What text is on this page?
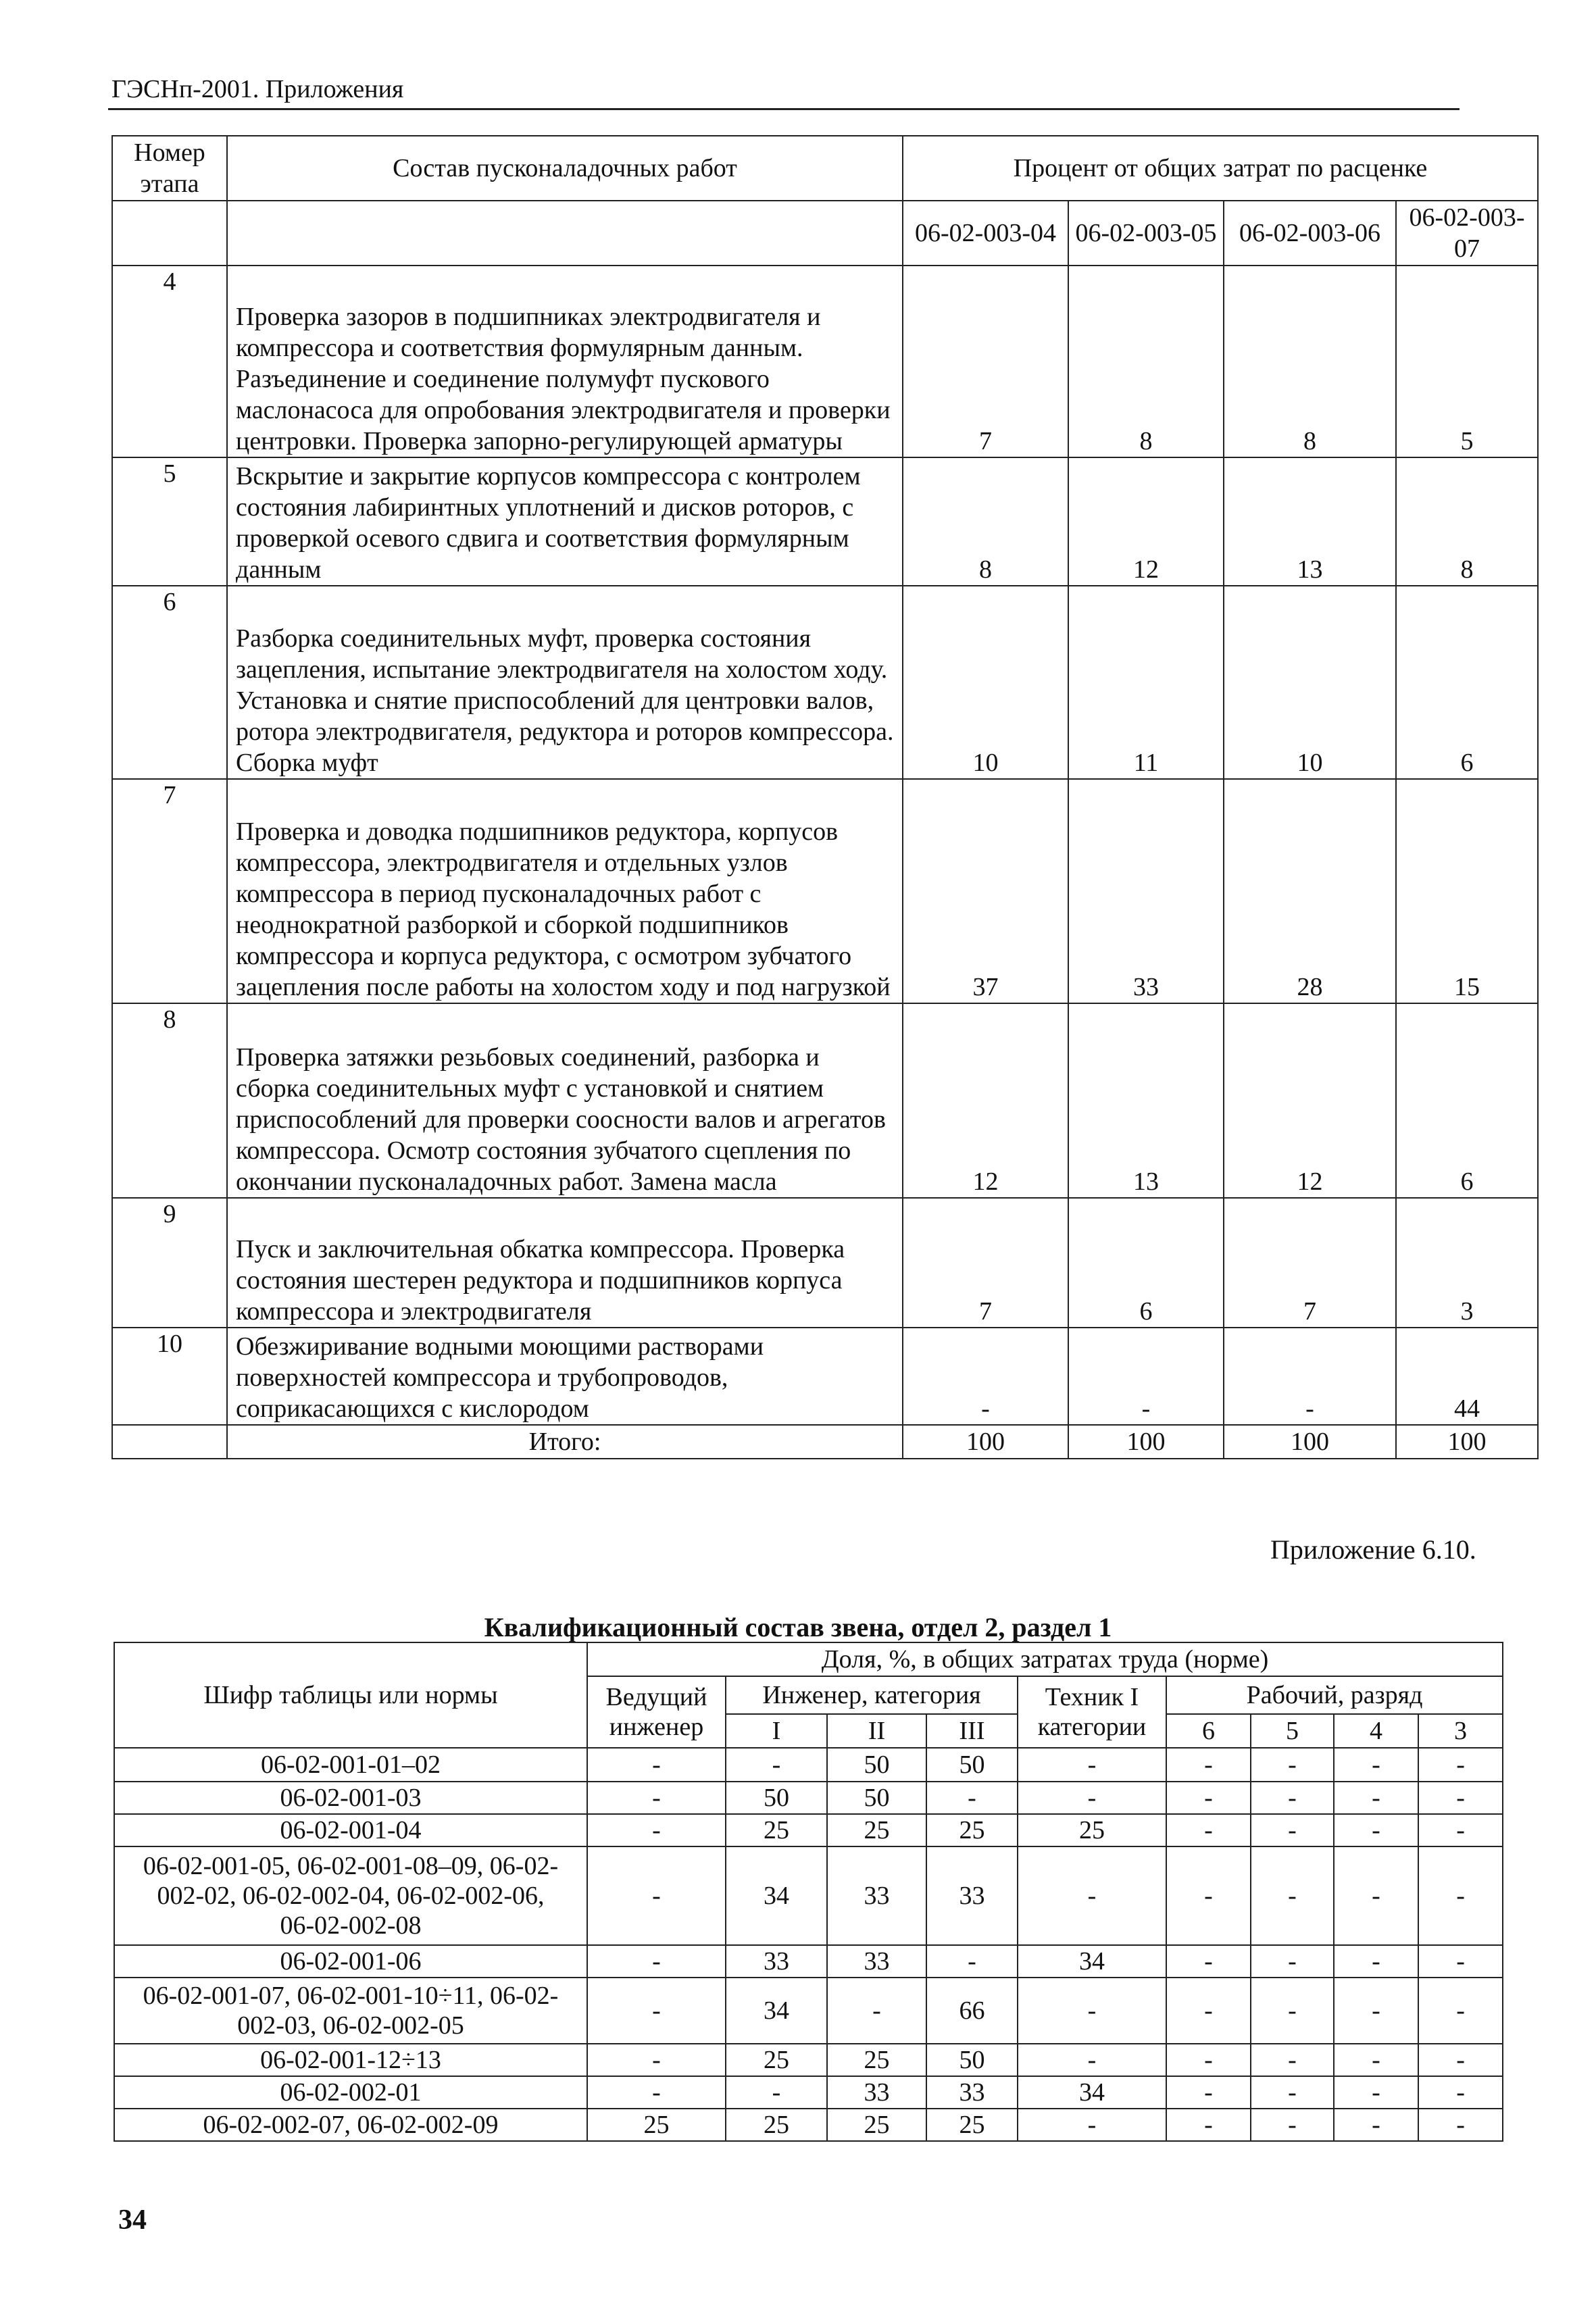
ГЭСНп-2001. Приложения
Номер этапа	Состав пусконаладочных работ	Процент от общих затрат по расценке			
		06-02-003-04	06-02-003-05	06-02-003-06	06-02-003-07
4	Проверка зазоров в подшипниках электродвигателя и компрессора и соответствия формулярным данным. Разъединение и соединение полумуфт пускового маслонасоса для опробования электродвигателя и проверки центровки. Проверка запорно-регулирующей арматуры	7	8	8	5
5	Вскрытие и закрытие корпусов компрессора с контролем состояния лабиринтных уплотнений и дисков роторов, с проверкой осевого сдвига и соответствия формулярным данным	8	12	13	8
6	Разборка соединительных муфт, проверка состояния зацепления, испытание электродвигателя на холостом ходу. Установка и снятие приспособлений для центровки валов, ротора электродвигателя, редуктора и роторов компрессора. Сборка муфт	10	11	10	6
7	Проверка и доводка подшипников редуктора, корпусов компрессора, электродвигателя и отдельных узлов компрессора в период пусконаладочных работ с неоднократной разборкой и сборкой подшипников компрессора и корпуса редуктора, с осмотром зубчатого зацепления после работы на холостом ходу и под нагрузкой	37	33	28	15
8	Проверка затяжки резьбовых соединений, разборка и сборка соединительных муфт с установкой и снятием приспособлений для проверки соосности валов и агрегатов компрессора. Осмотр состояния зубчатого сцепления по окончании пусконаладочных работ. Замена масла	12	13	12	6
9	Пуск и заключительная обкатка компрессора. Проверка состояния шестерен редуктора и подшипников корпуса компрессора и электродвигателя	7	6	7	3
10	Обезжиривание водными моющими растворами поверхностей компрессора и трубопроводов, соприкасающихся с кислородом	-	-	-	44
	Итого:	100	100	100	100
Приложение 6.10.
Квалификационный состав звена, отдел 2, раздел 1
Шифр таблицы или нормы	Доля, %, в общих затратах труда (норме)								
	Ведущий инженер	Инженер, категория			Техник I категории	Рабочий, разряд			
		I	II	III		6	5	4	3
06-02-001-01–02	-	-	50	50	-	-	-	-	-
06-02-001-03	-	50	50	-	-	-	-	-	-
06-02-001-04	-	25	25	25	25	-	-	-	-
06-02-001-05, 06-02-001-08–09, 06-02-002-02, 06-02-002-04, 06-02-002-06, 06-02-002-08	-	34	33	33	-	-	-	-	-
06-02-001-06	-	33	33	-	34	-	-	-	-
06-02-001-07, 06-02-001-10÷11, 06-02-002-03, 06-02-002-05	-	34	-	66	-	-	-	-	-
06-02-001-12÷13	-	25	25	50	-	-	-	-	-
06-02-002-01	-	-	33	33	34	-	-	-	-
06-02-002-07, 06-02-002-09	25	25	25	25	-	-	-	-	-
34
